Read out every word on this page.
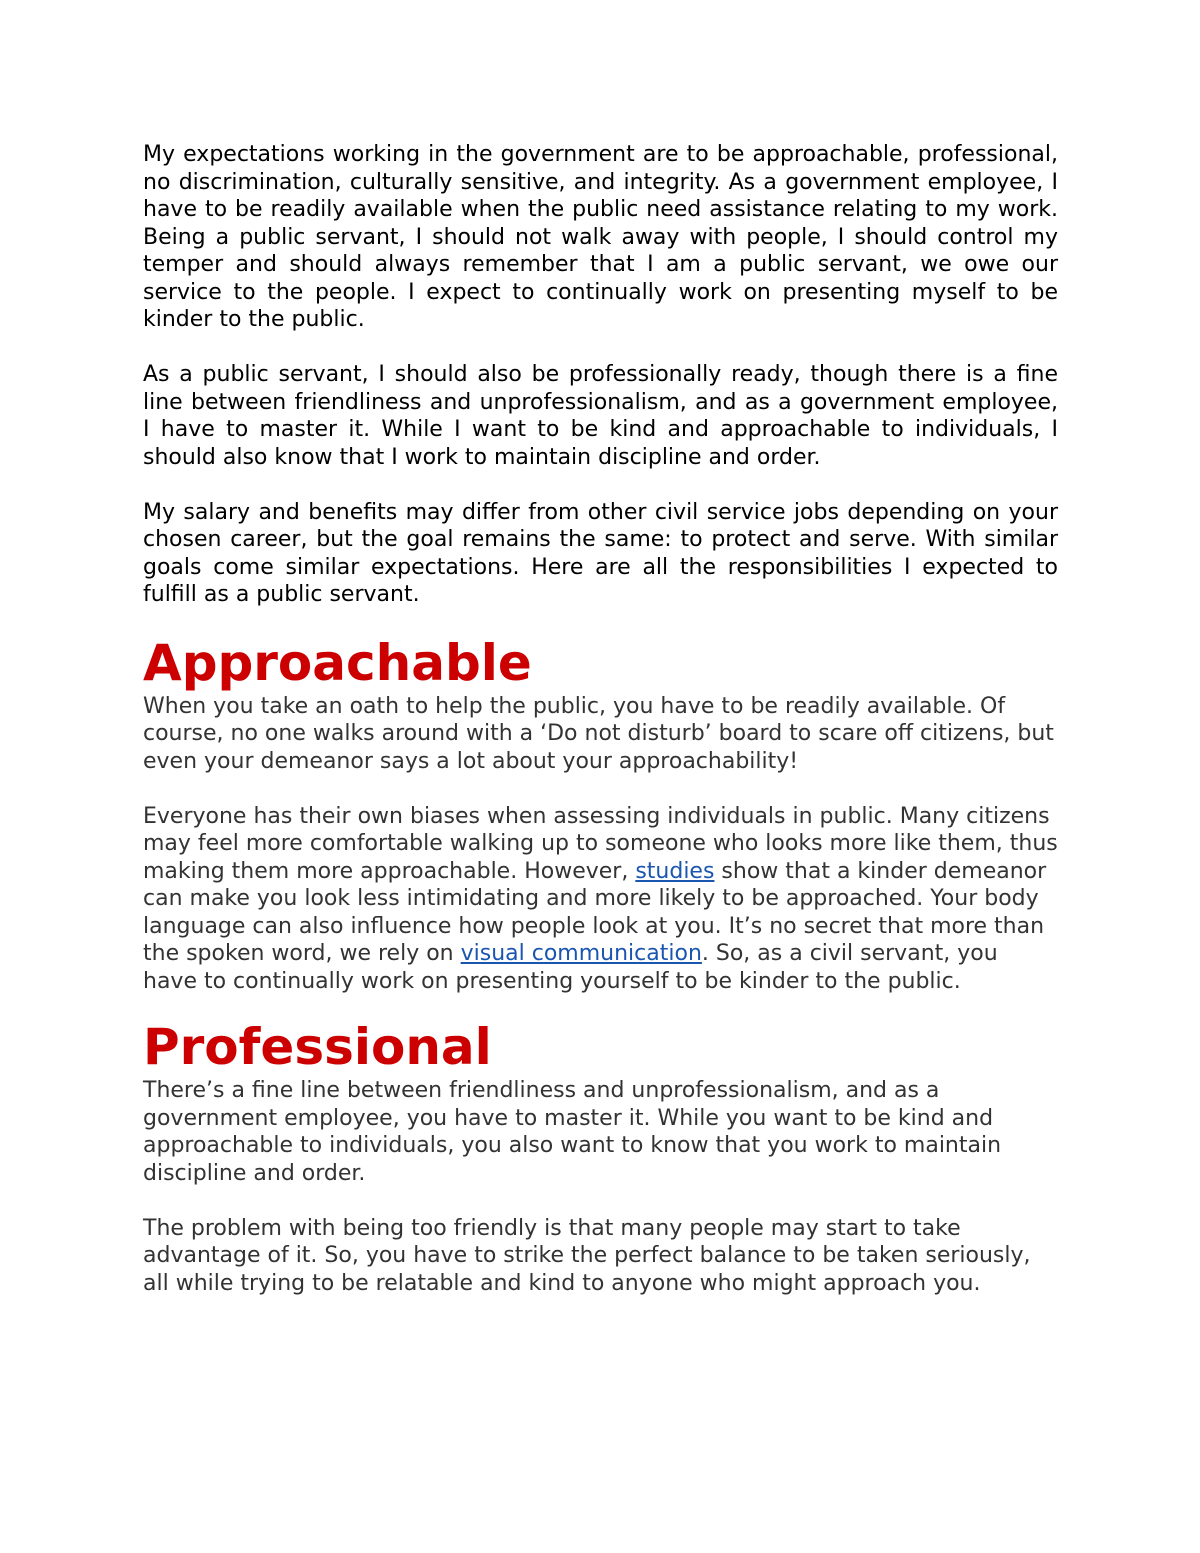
My expectations working in the government are to be approachable, professional, no discrimination, culturally sensitive, and integrity. As a government employee, I have to be readily available when the public need assistance relating to my work. Being a public servant, I should not walk away with people, I should control my temper and should always remember that I am a public servant, we owe our service to the people. I expect to continually work on presenting myself to be kinder to the public.

As a public servant, I should also be professionally ready, though there is a fine line between friendliness and unprofessionalism, and as a government employee, I have to master it. While I want to be kind and approachable to individuals, I should also know that I work to maintain discipline and order.

My salary and benefits may differ from other civil service jobs depending on your chosen career, but the goal remains the same: to protect and serve. With similar goals come similar expectations. Here are all the responsibilities I expected to fulfill as a public servant.

Approachable

When you take an oath to help the public, you have to be readily available. Of course, no one walks around with a ‘Do not disturb’ board to scare off citizens, but even your demeanor says a lot about your approachability!

Everyone has their own biases when assessing individuals in public. Many citizens may feel more comfortable walking up to someone who looks more like them, thus making them more approachable. However, studies show that a kinder demeanor can make you look less intimidating and more likely to be approached. Your body language can also influence how people look at you. It’s no secret that more than the spoken word, we rely on visual communication. So, as a civil servant, you have to continually work on presenting yourself to be kinder to the public.

Professional

There’s a fine line between friendliness and unprofessionalism, and as a government employee, you have to master it. While you want to be kind and approachable to individuals, you also want to know that you work to maintain discipline and order.

The problem with being too friendly is that many people may start to take advantage of it. So, you have to strike the perfect balance to be taken seriously, all while trying to be relatable and kind to anyone who might approach you.
